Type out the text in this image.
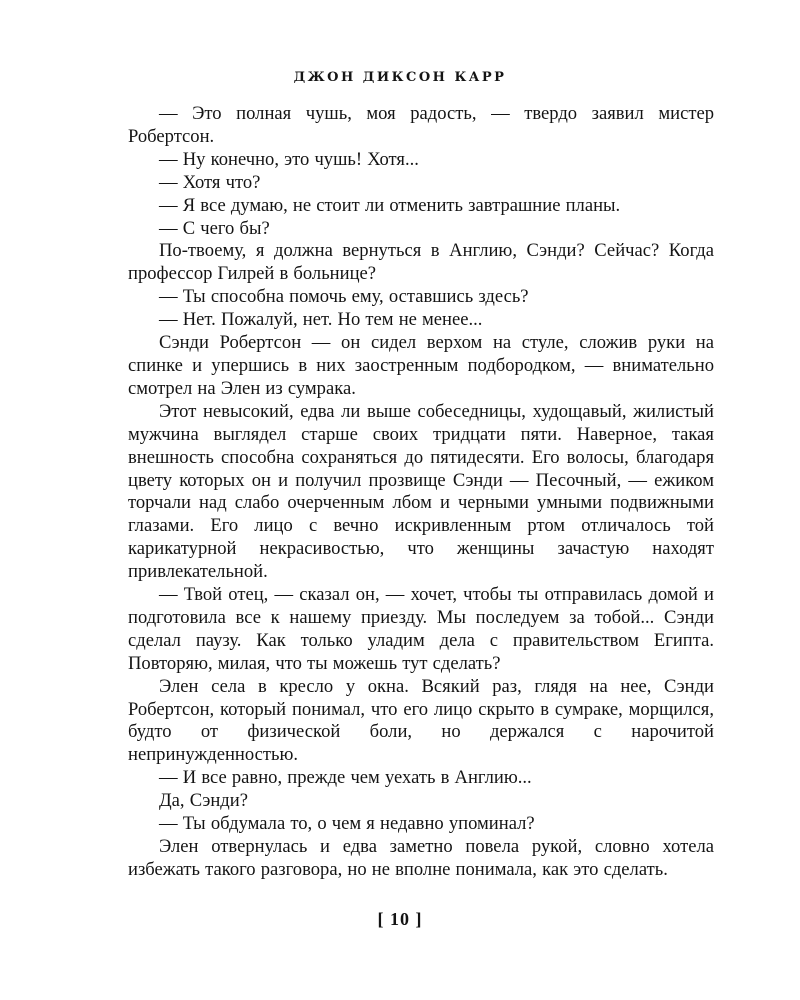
ДЖОН ДИКСОН КАРР

— Это полная чушь, моя радость, — твердо заявил мистер Робертсон.

— Ну конечно, это чушь! Хотя...

— Хотя что?

— Я все думаю, не стоит ли отменить завтрашние планы.

— С чего бы?

По-твоему, я должна вернуться в Англию, Сэнди? Сейчас? Когда профессор Гилрей в больнице?

— Ты способна помочь ему, оставшись здесь?

— Нет. Пожалуй, нет. Но тем не менее...

Сэнди Робертсон — он сидел верхом на стуле, сложив руки на спинке и упершись в них заостренным подбородком, — внимательно смотрел на Элен из сумрака.

Этот невысокий, едва ли выше собеседницы, худощавый, жилистый мужчина выглядел старше своих тридцати пяти. Наверное, такая внешность способна сохраняться до пятидесяти. Его волосы, благодаря цвету которых он и получил прозвище Сэнди — Песочный, — ежиком торчали над слабо очерченным лбом и черными умными подвижными глазами. Его лицо с вечно искривленным ртом отличалось той карикатурной некрасивостью, что женщины зачастую находят привлекательной.

— Твой отец, — сказал он, — хочет, чтобы ты отправилась домой и подготовила все к нашему приезду. Мы последуем за тобой... Сэнди сделал паузу. Как только уладим дела с правительством Египта. Повторяю, милая, что ты можешь тут сделать?

Элен села в кресло у окна. Всякий раз, глядя на нее, Сэнди Робертсон, который понимал, что его лицо скрыто в сумраке, морщился, будто от физической боли, но держался с нарочитой непринужденностью.

— И все равно, прежде чем уехать в Англию...

Да, Сэнди?

— Ты обдумала то, о чем я недавно упоминал?

Элен отвернулась и едва заметно повела рукой, словно хотела избежать такого разговора, но не вполне понимала, как это сделать.

[ 10 ]
